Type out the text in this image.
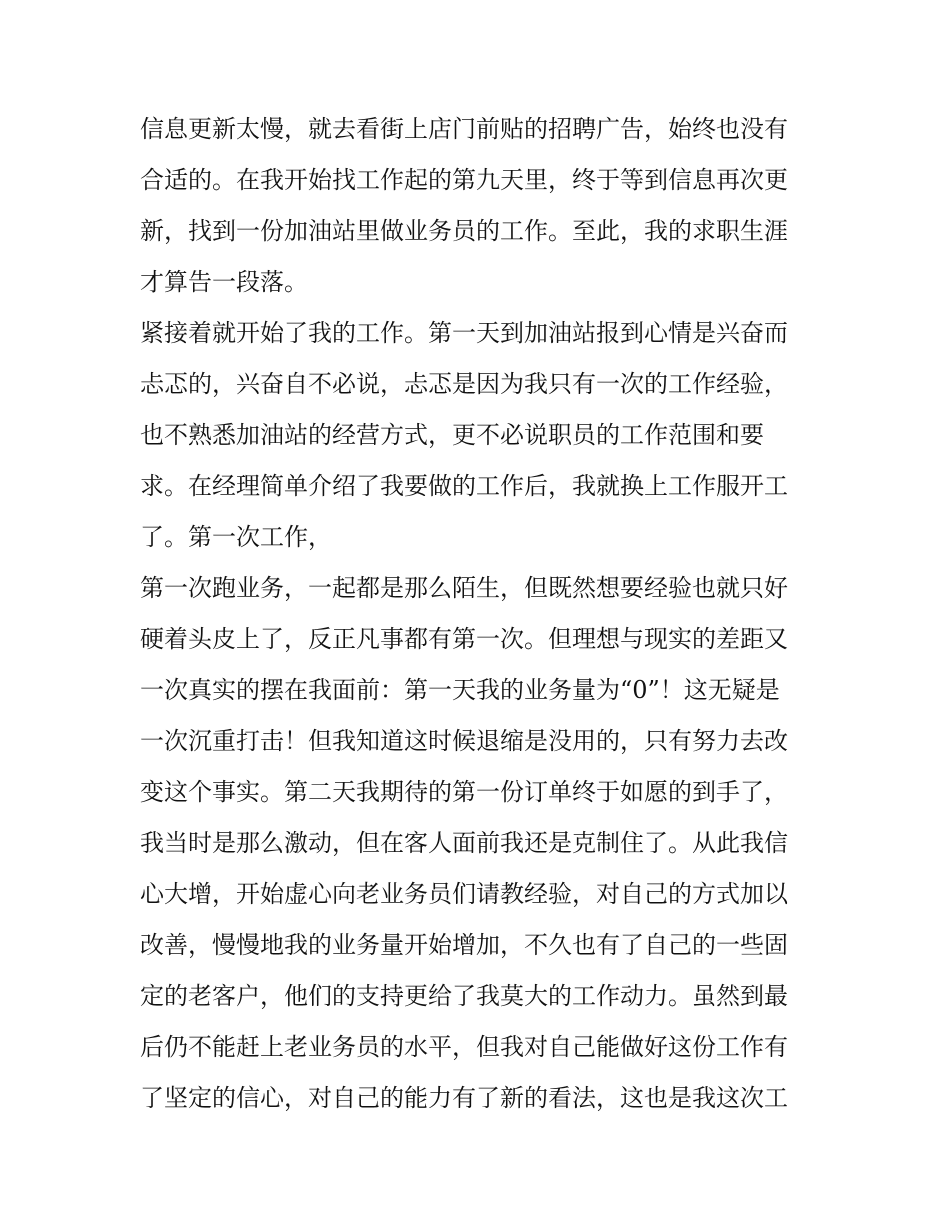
信息更新太慢，就去看街上店门前贴的招聘广告，始终也没有
合适的。在我开始找工作起的第九天里，终于等到信息再次更
新，找到一份加油站里做业务员的工作。至此，我的求职生涯
才算告一段落。
紧接着就开始了我的工作。第一天到加油站报到心情是兴奋而
忐忑的，兴奋自不必说，忐忑是因为我只有一次的工作经验，
也不熟悉加油站的经营方式，更不必说职员的工作范围和要
求。在经理简单介绍了我要做的工作后，我就换上工作服开工
了。第一次工作，
第一次跑业务，一起都是那么陌生，但既然想要经验也就只好
硬着头皮上了，反正凡事都有第一次。但理想与现实的差距又
一次真实的摆在我面前：第一天我的业务量为“0”！这无疑是
一次沉重打击！但我知道这时候退缩是没用的，只有努力去改
变这个事实。第二天我期待的第一份订单终于如愿的到手了，
我当时是那么激动，但在客人面前我还是克制住了。从此我信
心大增，开始虚心向老业务员们请教经验，对自己的方式加以
改善，慢慢地我的业务量开始增加，不久也有了自己的一些固
定的老客户，他们的支持更给了我莫大的工作动力。虽然到最
后仍不能赶上老业务员的水平，但我对自己能做好这份工作有
了坚定的信心，对自己的能力有了新的看法，这也是我这次工
